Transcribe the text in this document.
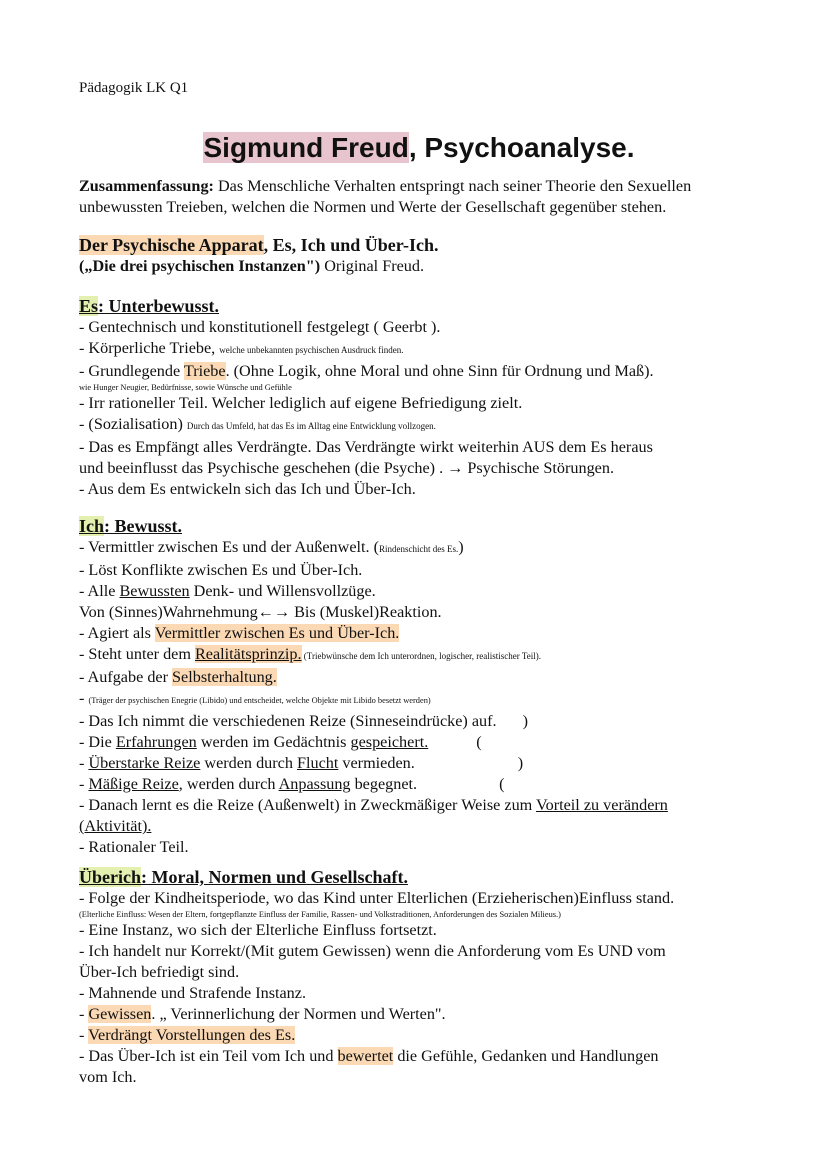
Pädagogik LK Q1
Sigmund Freud, Psychoanalyse.
Zusammenfassung: Das Menschliche Verhalten entspringt nach seiner Theorie den Sexuellen
unbewussten Treieben, welchen die Normen und Werte der Gesellschaft gegenüber stehen.
Der Psychische Apparat, Es, Ich und Über-Ich.
(„Die drei psychischen Instanzen") Original Freud.
Es: Unterbewusst.
- Gentechnisch und konstitutionell festgelegt ( Geerbt ).
- Körperliche Triebe, welche unbekannten psychischen Ausdruck finden.
- Grundlegende Triebe. (Ohne Logik, ohne Moral und ohne Sinn für Ordnung und Maß).
wie Hunger Neugier, Bedürfnisse, sowie Wünsche und Gefühle
- Irr rationeller Teil. Welcher lediglich auf eigene Befriedigung zielt.
- (Sozialisation) Durch das Umfeld, hat das Es im Alltag eine Entwicklung vollzogen.
- Das es Empfängt alles Verdrängte. Das Verdrängte wirkt weiterhin AUS dem Es heraus
und beeinflusst das Psychische geschehen (die Psyche) . → Psychische Störungen.
- Aus dem Es entwickeln sich das Ich und Über-Ich.
Ich: Bewusst.
- Vermittler zwischen Es und der Außenwelt. (Rindenschicht des Es.)
- Löst Konflikte zwischen Es und Über-Ich.
- Alle Bewussten Denk- und Willensvollzüge.
Von (Sinnes)Wahrnehmung←→ Bis (Muskel)Reaktion.
- Agiert als Vermittler zwischen Es und Über-Ich.
- Steht unter dem Realitätsprinzip. (Triebwünsche dem Ich unterordnen, logischer, realistischer Teil).
- Aufgabe der Selbsterhaltung.
- (Träger der psychischen Enegrie (Libido) und entscheidet, welche Objekte mit Libido besetzt werden)
- Das Ich nimmt die verschiedenen Reize (Sinneseindrücke) auf. )
- Die Erfahrungen werden im Gedächtnis gespeichert.	(
- Überstarke Reize werden durch Flucht vermieden.	)
- Mäßige Reize, werden durch Anpassung begegnet.	(
- Danach lernt es die Reize (Außenwelt) in Zweckmäßiger Weise zum Vorteil zu verändern
(Aktivität).
- Rationaler Teil.
Überich: Moral, Normen und Gesellschaft.
- Folge der Kindheitsperiode, wo das Kind unter Elterlichen (Erzieherischen)Einfluss stand.
(Elterliche Einfluss: Wesen der Eltern, fortgepflanzte Einfluss der Familie, Rassen- und Volkstraditionen, Anforderungen des Sozialen Milieus.)
- Eine Instanz, wo sich der Elterliche Einfluss fortsetzt.
- Ich handelt nur Korrekt/(Mit gutem Gewissen) wenn die Anforderung vom Es UND vom
Über-Ich befriedigt sind.
- Mahnende und Strafende Instanz.
- Gewissen. „ Verinnerlichung der Normen und Werten".
- Verdrängt Vorstellungen des Es.
- Das Über-Ich ist ein Teil vom Ich und bewertet die Gefühle, Gedanken und Handlungen
vom Ich.
